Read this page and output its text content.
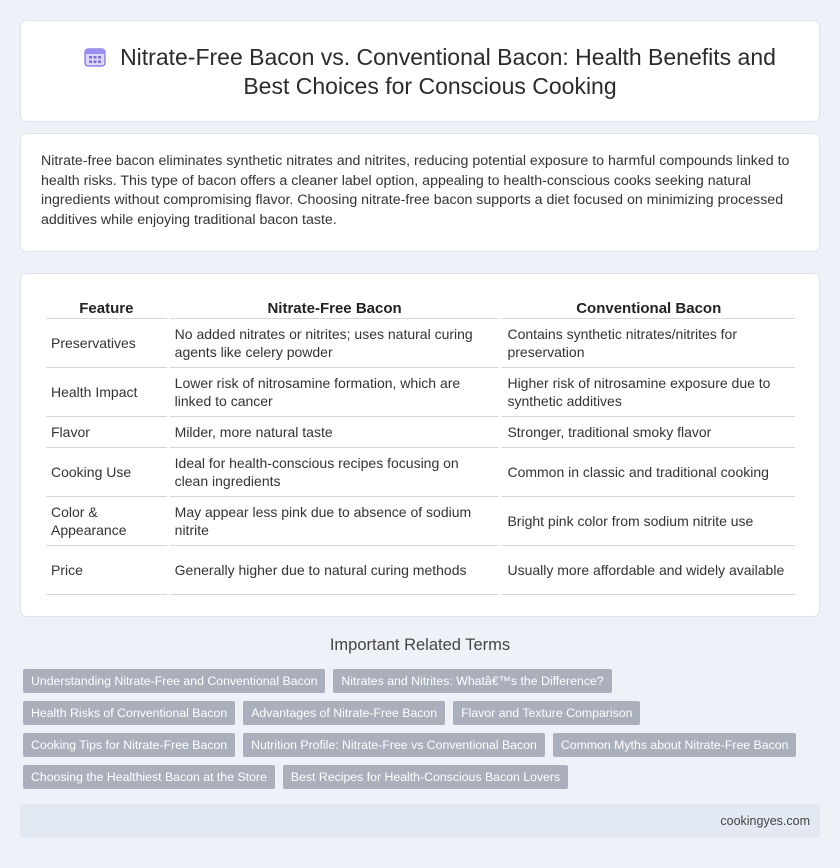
Nitrate-Free Bacon vs. Conventional Bacon: Health Benefits and Best Choices for Conscious Cooking

Nitrate-free bacon eliminates synthetic nitrates and nitrites, reducing potential exposure to harmful compounds linked to health risks. This type of bacon offers a cleaner label option, appealing to health-conscious cooks seeking natural ingredients without compromising flavor. Choosing nitrate-free bacon supports a diet focused on minimizing processed additives while enjoying traditional bacon taste.

Feature	Nitrate-Free Bacon	Conventional Bacon
Preservatives	No added nitrates or nitrites; uses natural curing agents like celery powder	Contains synthetic nitrates/nitrites for preservation
Health Impact	Lower risk of nitrosamine formation, which are linked to cancer	Higher risk of nitrosamine exposure due to synthetic additives
Flavor	Milder, more natural taste	Stronger, traditional smoky flavor
Cooking Use	Ideal for health-conscious recipes focusing on clean ingredients	Common in classic and traditional cooking
Color & Appearance	May appear less pink due to absence of sodium nitrite	Bright pink color from sodium nitrite use
Price	Generally higher due to natural curing methods	Usually more affordable and widely available
Important Related Terms
Understanding Nitrate-Free and Conventional Bacon	Nitrates and Nitrites: Whatâ€™s the Difference?
Health Risks of Conventional Bacon	Advantages of Nitrate-Free Bacon	Flavor and Texture Comparison
Cooking Tips for Nitrate-Free Bacon	Nutrition Profile: Nitrate-Free vs Conventional Bacon	Common Myths about Nitrate-Free Bacon
Choosing the Healthiest Bacon at the Store	Best Recipes for Health-Conscious Bacon Lovers
cookingyes.com
